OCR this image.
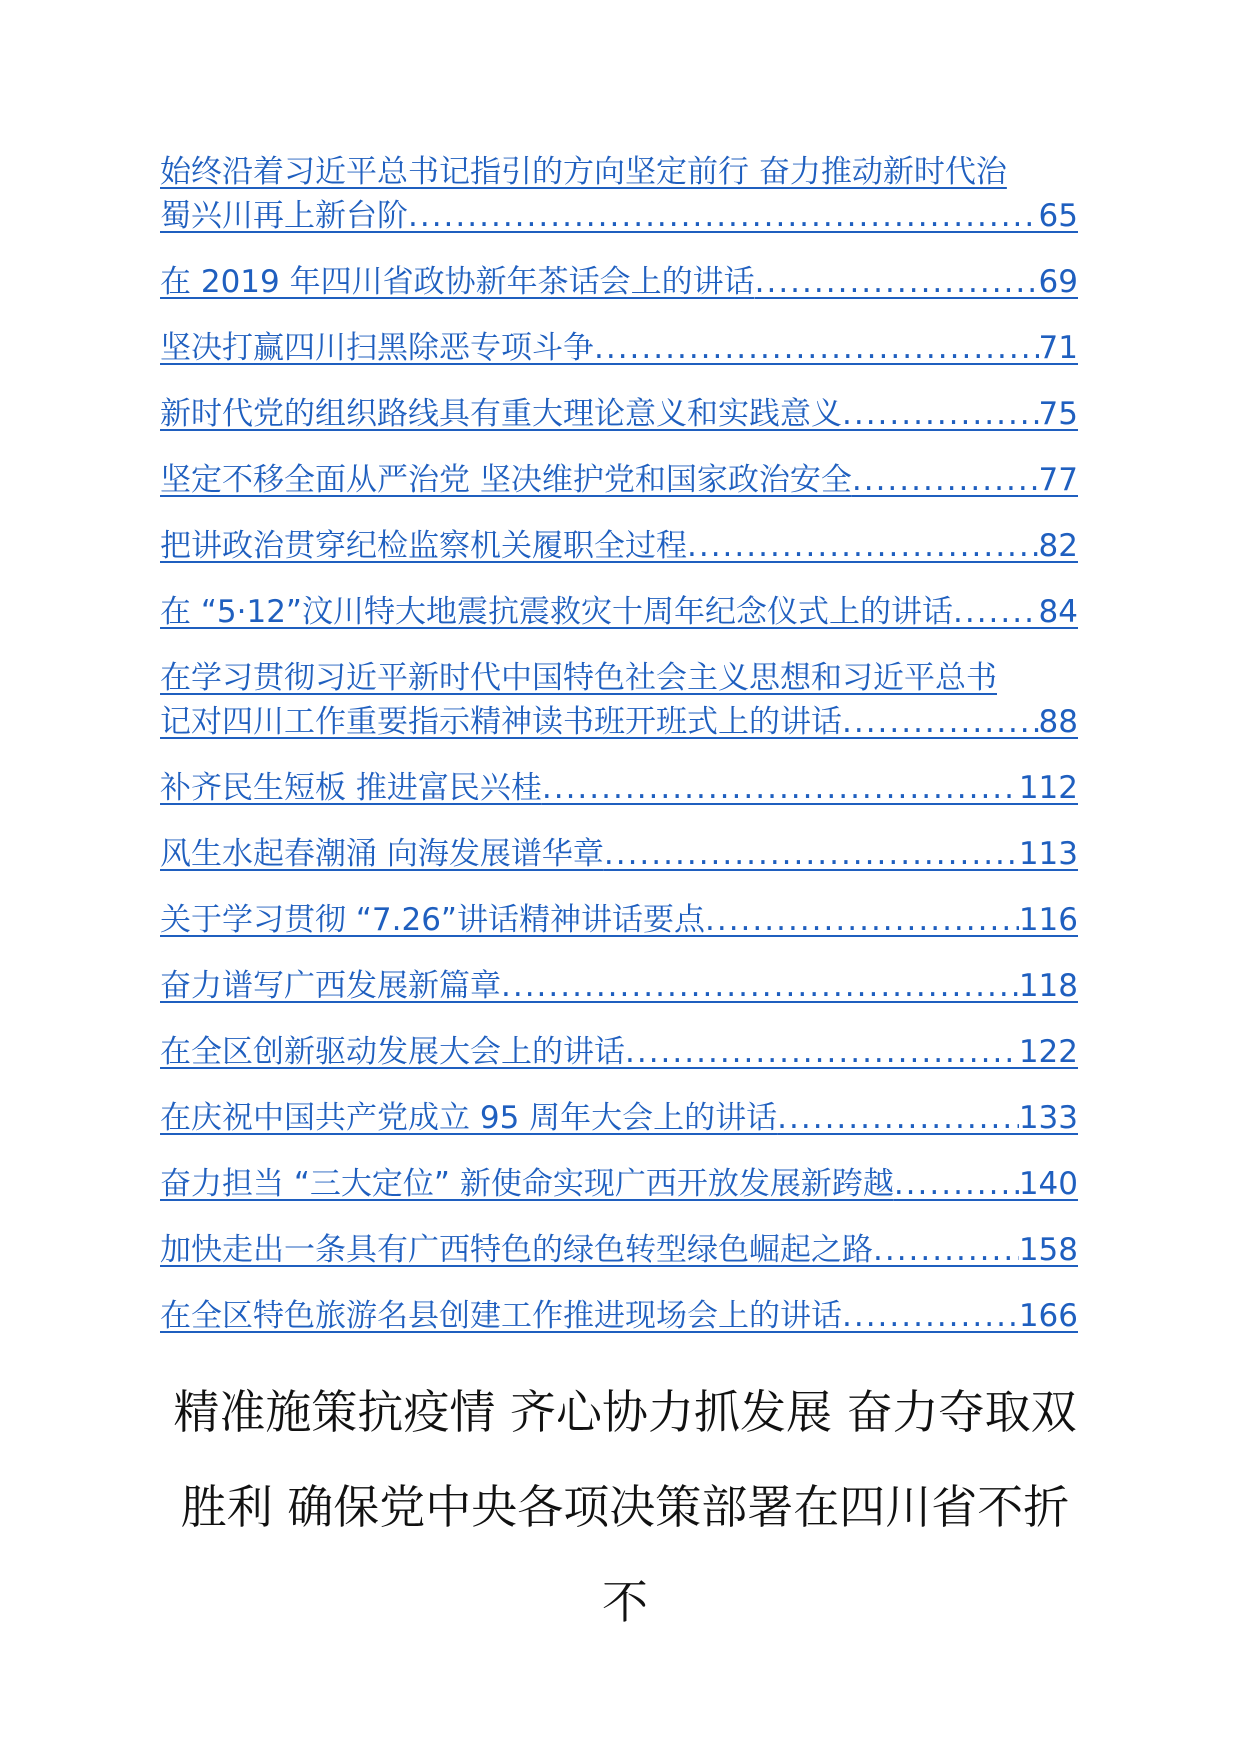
始终沿着习近平总书记指引的方向坚定前行 奋力推动新时代治
蜀兴川再上新台阶 .....	65
在 2019 年四川省政协新年茶话会上的讲话 .....	69
坚决打赢四川扫黑除恶专项斗争 .....	71
新时代党的组织路线具有重大理论意义和实践意义 .....	75
坚定不移全面从严治党 坚决维护党和国家政治安全 .....	77
把讲政治贯穿纪检监察机关履职全过程 .....	82
在 “5·12”汶川特大地震抗震救灾十周年纪念仪式上的讲话 .....	84
在学习贯彻习近平新时代中国特色社会主义思想和习近平总书
记对四川工作重要指示精神读书班开班式上的讲话 .....	88
补齐民生短板 推进富民兴桂 .....	112
风生水起春潮涌 向海发展谱华章 .....	113
关于学习贯彻 “7.26”讲话精神讲话要点 .....	116
奋力谱写广西发展新篇章 .....	118
在全区创新驱动发展大会上的讲话 .....	122
在庆祝中国共产党成立 95 周年大会上的讲话 .....	133
奋力担当 “三大定位” 新使命实现广西开放发展新跨越 .....	140
加快走出一条具有广西特色的绿色转型绿色崛起之路 .....	158
在全区特色旅游名县创建工作推进现场会上的讲话 .....	166
精准施策抗疫情 齐心协力抓发展 奋力夺取双
胜利 确保党中央各项决策部署在四川省不折不
